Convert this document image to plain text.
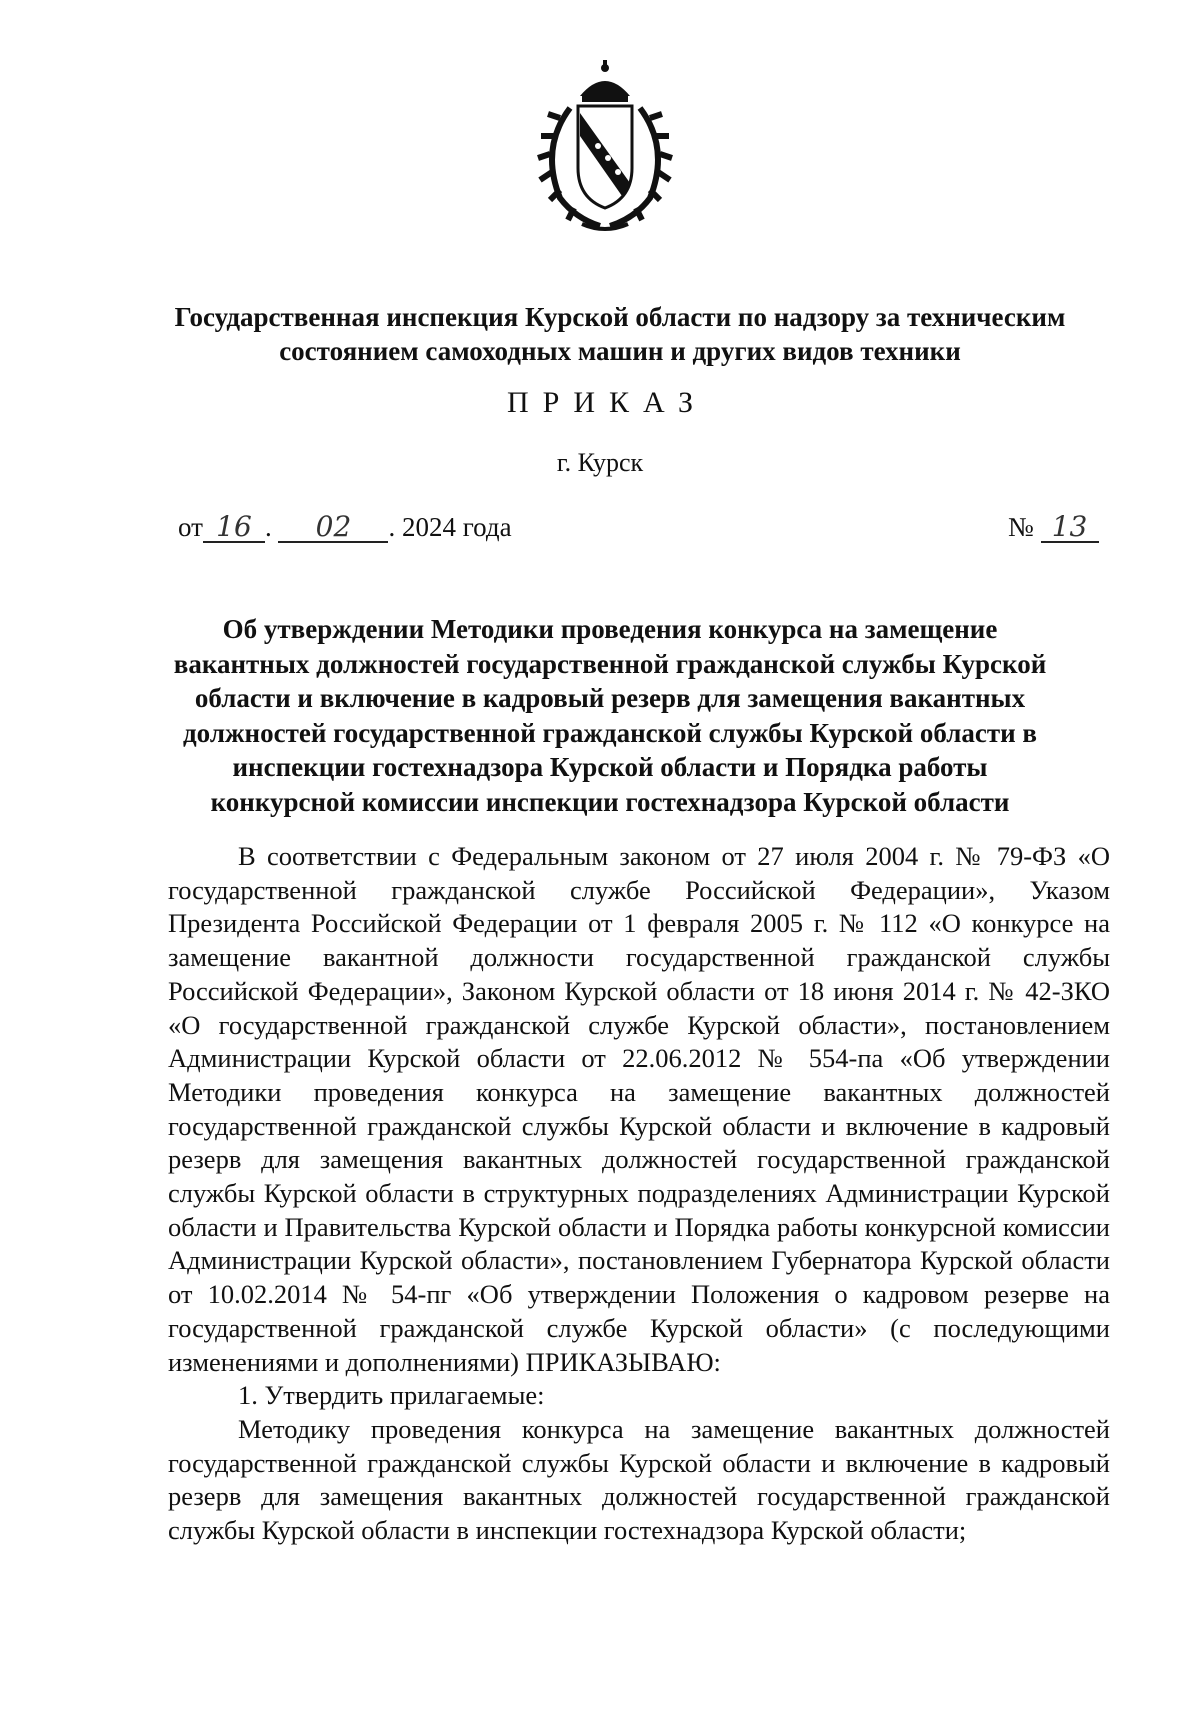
Государственная инспекция Курской области по надзору за техническим
состоянием самоходных машин и других видов техники
ПРИКАЗ
г. Курск
от 16 . 02 . 2024 года	№ 13
Об утверждении Методики проведения конкурса на замещение
вакантных должностей государственной гражданской службы Курской
области и включение в кадровый резерв для замещения вакантных
должностей государственной гражданской службы Курской области в
инспекции гостехнадзора Курской области и Порядка работы
конкурсной комиссии инспекции гостехнадзора Курской области

В соответствии с Федеральным законом от 27 июля 2004 г. № 79-ФЗ «О государственной гражданской службе Российской Федерации», Указом Президента Российской Федерации от 1 февраля 2005 г. № 112 «О конкурсе на замещение вакантной должности государственной гражданской службы Российской Федерации», Законом Курской области от 18 июня 2014 г. № 42-ЗКО «О государственной гражданской службе Курской области», постановлением Администрации Курской области от 22.06.2012 № 554-па «Об утверждении Методики проведения конкурса на замещение вакантных должностей государственной гражданской службы Курской области и включение в кадровый резерв для замещения вакантных должностей государственной гражданской службы Курской области в структурных подразделениях Администрации Курской области и Правительства Курской области и Порядка работы конкурсной комиссии Администрации Курской области», постановлением Губернатора Курской области от 10.02.2014 № 54-пг «Об утверждении Положения о кадровом резерве на государственной гражданской службе Курской области» (с последующими изменениями и дополнениями) ПРИКАЗЫВАЮ:

1. Утвердить прилагаемые:

Методику проведения конкурса на замещение вакантных должностей государственной гражданской службы Курской области и включение в кадровый резерв для замещения вакантных должностей государственной гражданской службы Курской области в инспекции гостехнадзора Курской области;
